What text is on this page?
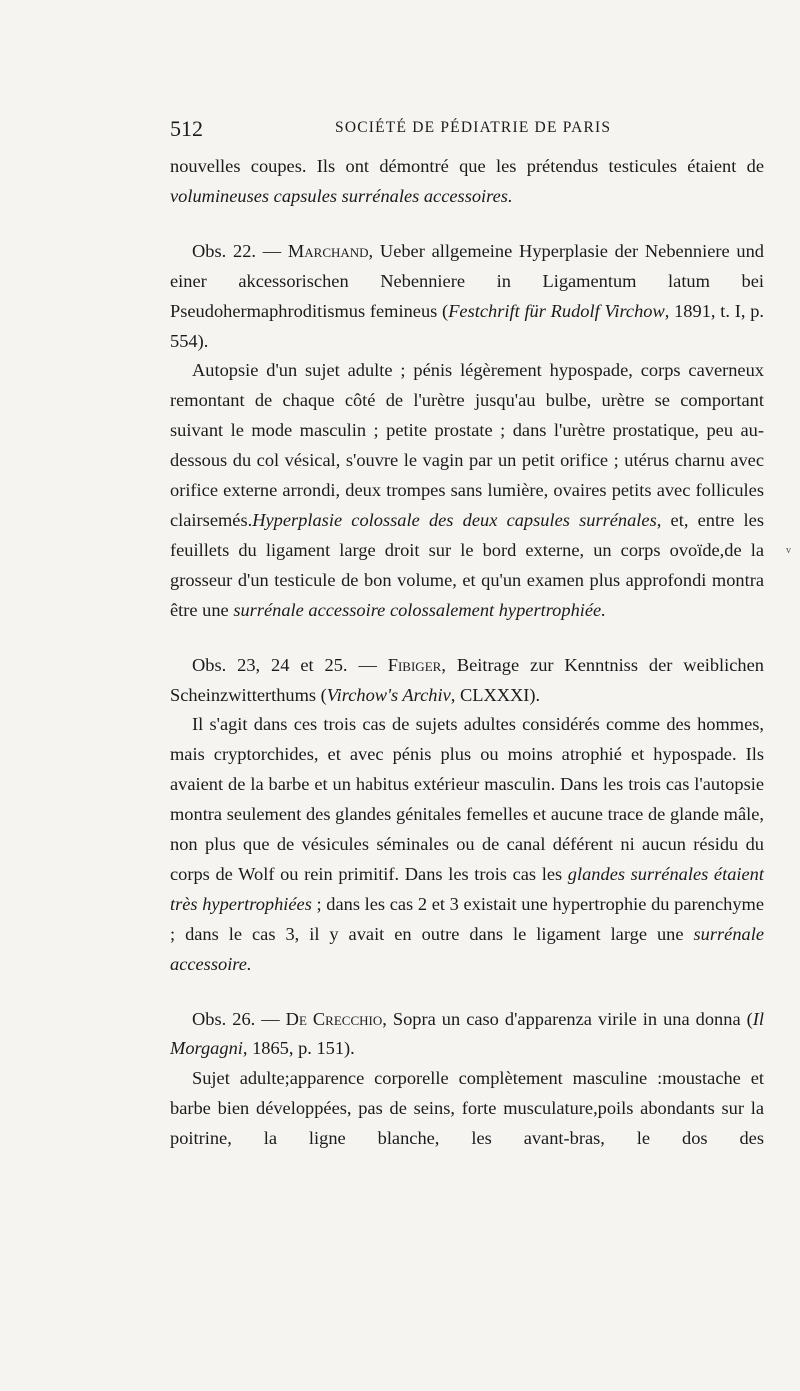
512	SOCIÉTÉ DE PÉDIATRIE DE PARIS

nouvelles coupes. Ils ont démontré que les prétendus testicules étaient de volumineuses capsules surrénales accessoires.

Obs. 22. — Marchand, Ueber allgemeine Hyperplasie der Nebenniere und einer akcessorischen Nebenniere in Ligamentum latum bei Pseudohermaphroditismus femineus (Festchrift für Rudolf Virchow, 1891, t. I, p. 554).

Autopsie d'un sujet adulte ; pénis légèrement hypospade, corps caverneux remontant de chaque côté de l'urètre jusqu'au bulbe, urètre se comportant suivant le mode masculin ; petite prostate ; dans l'urètre prostatique, peu au-dessous du col vésical, s'ouvre le vagin par un petit orifice ; utérus charnu avec orifice externe arrondi, deux trompes sans lumière, ovaires petits avec follicules clairsemés.Hyperplasie colossale des deux capsules surrénales, et, entre les feuillets du ligament large droit sur le bord externe, un corps ovoïde,de la grosseur d'un testicule de bon volume, et qu'un examen plus approfondi montra être une surrénale accessoire colossalement hypertrophiée.

Obs. 23, 24 et 25. — Fibiger, Beitrage zur Kenntniss der weiblichen Scheinzwitterthums (Virchow's Archiv, CLXXXI).

Il s'agit dans ces trois cas de sujets adultes considérés comme des hommes, mais cryptorchides, et avec pénis plus ou moins atrophié et hypospade. Ils avaient de la barbe et un habitus extérieur masculin. Dans les trois cas l'autopsie montra seulement des glandes génitales femelles et aucune trace de glande mâle, non plus que de vésicules séminales ou de canal déférent ni aucun résidu du corps de Wolf ou rein primitif. Dans les trois cas les glandes surrénales étaient très hypertrophiées ; dans les cas 2 et 3 existait une hypertrophie du parenchyme ; dans le cas 3, il y avait en outre dans le ligament large une surrénale accessoire.

Obs. 26. — De Crecchio, Sopra un caso d'apparenza virile in una donna (Il Morgagni, 1865, p. 151).

Sujet adulte;apparence corporelle complètement masculine :moustache et barbe bien développées, pas de seins, forte musculature,poils abondants sur la poitrine, la ligne blanche, les avant-bras, le dos des

v
